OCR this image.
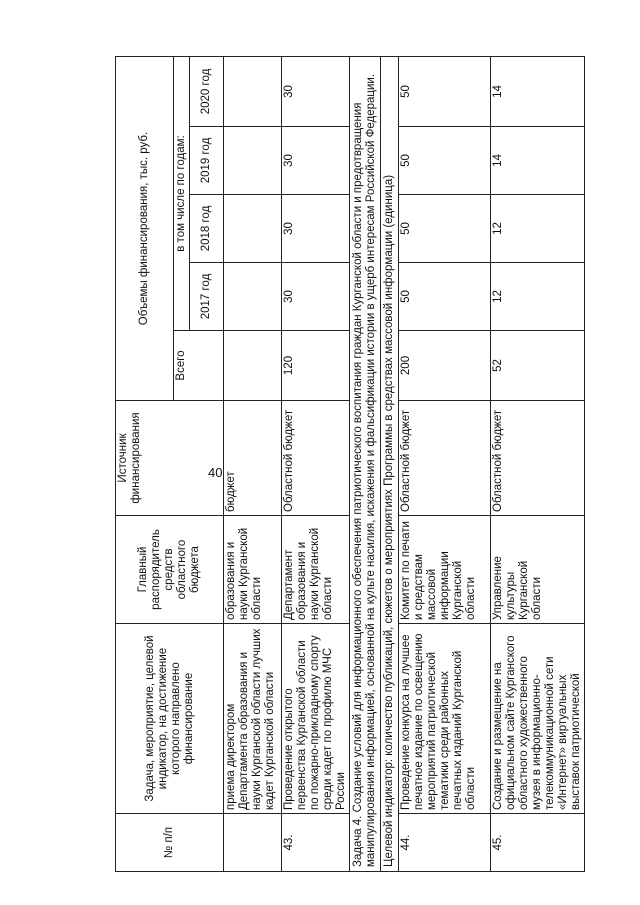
40
№ п/п	Задача, мероприятие, целевой индикатор, на достижение которого направлено финансирование	Главный распорядитель средств областного бюджета	Источник финансирования	Объемы финансирования, тыс. руб.				
				Всего	в том числе по годам:			
					2017 год	2018 год	2019 год	2020 год
	приема директором Департамента образования и науки Курганской области лучших кадет Курганской области	образования и науки Курганской области	бюджет					
43.	Проведение открытого первенства Курганской области по пожарно-прикладному спорту среди кадет по профилю МЧС России	Департамент образования и науки Курганской области	Областной бюджет	120	30	30	30	30
Задача 4. Создание условий для информационного обеспечения патриотического воспитания граждан Курганской области и предотвращения манипулирования информацией, основанной на культе насилия, искажения и фальсификации истории в ущерб интересам Российской Федерации.								
Целевой индикатор: количество публикаций, сюжетов о мероприятиях Программы в средствах массовой информации (единица)								
44.	Проведение конкурса на лучшее печатное издание по освещению мероприятий патриотической тематики среди районных печатных изданий Курганской области	Комитет по печати и средствам массовой информации Курганской области	Областной бюджет	200	50	50	50	50
45.	Создание и размещение на официальном сайте Курганского областного художественного музея в информационно-телекоммуникационной сети «Интернет» виртуальных выставок патриотической	Управление культуры Курганской области	Областной бюджет	52	12	12	14	14
